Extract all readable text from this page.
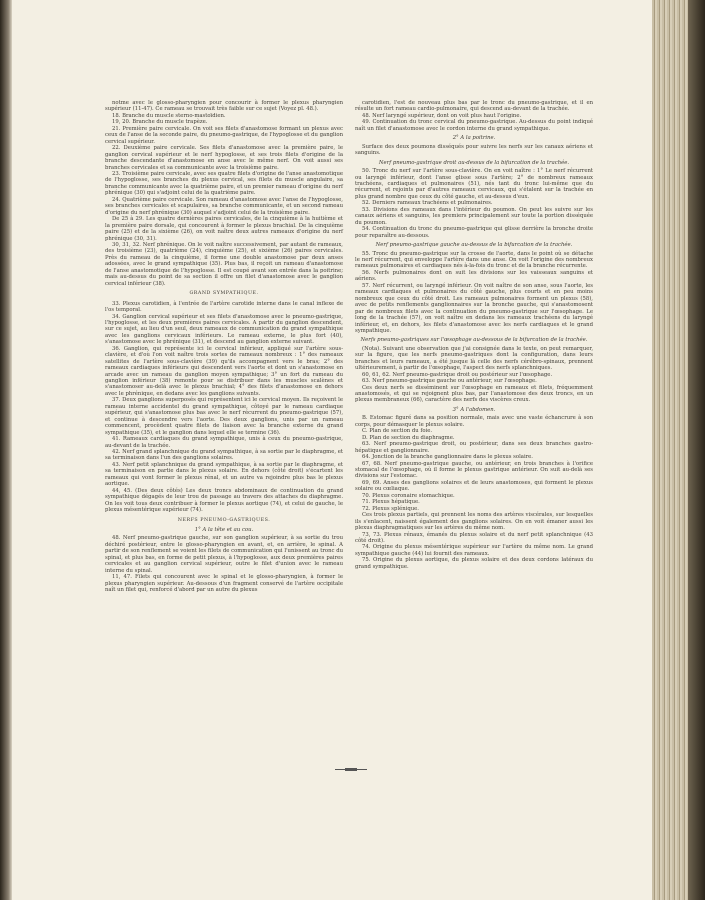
notme avec le glosso-pharyngien pour concourir à former le plexus pharyngien supérieur (11-47). Ce rameau se trouvait très faible sur ce sujet (Voyez pl. 48.).

18. Branche du muscle sterno-mastoïdien.

19, 20. Branche du muscle trapèze.

21. Première paire cervicale. On voit ses filets d'anastomose formant un plexus avec ceux de l'anse de la seconde paire, du pneumo-gastrique, de l'hypoglosse et du ganglion cervical supérieur.

22. Deuxième paire cervicale. Ses filets d'anastomose avec la première paire, le ganglion cervical supérieur et le nerf hypoglosse, et ses trois filets d'origine de la branche descendante d'anastomose en anse avec le même nerf. On voit aussi ses branches cervicales et sa communicante avec la troisième paire.

23. Troisième paire cervicale, avec ses quatre filets d'origine de l'anse anastomotique de l'hypoglosse, ses branches du plexus cervical, ses filets du muscle angulaire, sa branche communicante avec la quatrième paire, et un premier rameau d'origine du nerf phrénique (30) qui s'adjoint celui de la quatrième paire.

24. Quatrième paire cervicale. Son rameau d'anastomose avec l'anse de l'hypoglosse, ses branches cervicales et scapulaires, sa branche communicante, et un second rameau d'origine du nerf phrénique (30) auquel s'adjoint celui de la troisième paire.

De 25 à 29. Les quatre dernières paires cervicales, de la cinquième à la huitième et la première paire dorsale, qui concourent à former le plexus brachial. De la cinquième paire (25) et de la sixième (26), on voit naître deux autres rameaux d'origine du nerf phrénique (30, 31).

30, 31, 32. Nerf phrénique. On le voit naître successivement, par autant de rameaux, des troisième (23), quatrième (24), cinquième (25), et sixième (26) paires cervicales. Près du rameau de la cinquième, il forme une double anastomose par deux anses adossées, avec le grand sympathique (35). Plus bas, il reçoit un rameau d'anastomose de l'anse anastomotique de l'hypoglosse. Il est coupé avant son entrée dans la poitrine; mais au-dessus du point de sa section il offre un filet d'anastomose avec le ganglion cervical inférieur (38).

GRAND SYMPATHIQUE.

33. Plexus carotidien, à l'entrée de l'artère carotide interne dans le canal inflexe de l'os temporal.

34. Ganglion cervical supérieur et ses filets d'anastomose avec le pneumo-gastrique, l'hypoglosse, et les deux premières paires cervicales. A partir du ganglion descendent, sur ce sujet, au lieu d'un seul, deux rameaux de communication du grand sympathique avec les ganglions cervicaux inférieurs. Le rameau externe, le plus fort (40), s'anastomose avec le phrénique (31), et descend au ganglion externe suivant.

36. Ganglion, qui représente ici le cervical inférieur, appliqué sur l'artère sous-clavière, et d'où l'on voit naître trois sortes de rameaux nombreux : 1° des rameaux satellites de l'artère sous-clavière (39) qu'ils accompagnent vers le bras; 2° des rameaux cardiaques inférieurs qui descendent vers l'aorte et dont un s'anastomose en arcade avec un rameau du ganglion moyen sympathique; 3° un fort du rameau du ganglion inférieur (38) remonte pour se distribuer dans les muscles scalènes et s'anastomoser au-delà avec le plexus brachial; 4° des filets d'anastomose en dehors avec le phrénique, en dedans avec les ganglions suivants.

37. Deux ganglions superposés qui représentent ici le cervical moyen. Ils reçoivent le rameau interne accidentel du grand sympathique, côtoyé par le rameau cardiaque supérieur, qui s'anastomose plus bas avec le nerf récurrent du pneumo-gastrique (57), et continue à descendre vers l'aorte. Des deux ganglions, unis par un rameau commencent, procèdent quatre filets de liaison avec la branche externe du grand sympathique (35), et le ganglion dans lequel elle se termine (36).

41. Rameaux cardiaques du grand sympathique, unis à ceux du pneumo-gastrique, au-devant de la trachée.

42. Nerf grand splanchnique du grand sympathique, à sa sortie par le diaphragme, et sa terminaison dans l'un des ganglions solaires.

43. Nerf petit splanchnique du grand sympathique, à sa sortie par le diaphragme, et sa terminaison en partie dans le plexus solaire. En dehors (côté droit) s'écartent les rameaux qui vont former le plexus rénal, et un autre va rejoindre plus bas le plexus aortique.

44, 45. (Des deux côtés) Les deux troncs abdominaux de continuation du grand sympathique dégagés de leur trou de passage au travers des attaches du diaphragme. On les voit tous deux contribuer à former le plexus aortique (74), et celui de gauche, le plexus mésentérique supérieur (74).

NERFS PNEUMO-GASTRIQUES.

1° A la tête et au cou.

48. Nerf pneumo-gastrique gauche, sur son ganglion supérieur, à sa sortie du trou déchiré postérieur, entre le glosso-pharyngien en avant, et, en arrière, le spinal. A partir de son renflement se voient les filets de communication qui l'unissent au tronc du spinal, et plus bas, en forme de petit plexus, à l'hypoglosse, aux deux premières paires cervicales et au ganglion cervical supérieur, outre le filet d'union avec le rameau interne du spinal.

11, 47. Filets qui concourent avec le spinal et le glosso-pharyngien, à former le plexus pharyngien supérieur. Au-dessous d'un fragment conservé de l'artère occipitale naît un filet qui, renforcé d'abord par un autre du plexus

carotidien, l'est de nouveau plus bas par le tronc du pneumo-gastrique, et il en résulte un fort rameau cardio-pulmonaire, qui descend au-devant de la trachée.

48. Nerf laryngé supérieur, dont on voit plus haut l'origine.

49. Continuation du tronc cervical du pneumo-gastrique. Au-dessus du point indiqué naît un filet d'anastomose avec le cordon interne du grand sympathique.

2° A la poitrine.

Surface des deux poumons disséqués pour suivre les nerfs sur les canaux aériens et sanguins.

Nerf pneumo-gastrique droit au-dessus de la bifurcation de la trachée.

50. Tronc du nerf sur l'artère sous-clavière. On en voit naître : 1° Le nerf récurrent ou laryngé inférieur, dont l'anse glisse sous l'artère; 2° de nombreux rameaux trachéens, cardiaques et pulmonaires (51), nés tant du tronc lui-même que du récurrent, et rejoints par d'autres rameaux cervicaux, qui s'étalent sur la trachée en plus grand nombre que ceux du côté gauche, et au-dessus d'eux.

52. Derniers rameaux trachéens et pulmonaires.

53. Divisions des rameaux dans l'intérieur du poumon. On peut les suivre sur les canaux aériens et sanguins, les premiers principalement sur toute la portion disséquée du poumon.

54. Continuation du tronc du pneumo-gastrique qui glisse derrière la bronche droite pour reparaître au-dessous.

Nerf pneumo-gastrique gauche au-dessus de la bifurcation de la trachée.

55. Tronc du pneumo-gastrique sur la crosse de l'aorte, dans le point où se détache le nerf récurrent, qui enveloppe l'artère dans une anse. On voit l'origine des nombreux rameaux pulmonaires et cardiaques nés à-la-fois du tronc et de la branche récurrente.

56. Nerfs pulmonaires dont on suit les divisions sur les vaisseaux sanguins et aériens.

57. Nerf récurrent, ou laryngé inférieur. On voit naître de son anse, sous l'aorte, les rameaux cardiaques et pulmonaires du côté gauche, plus courts et en peu moins nombreux que ceux du côté droit. Les rameaux pulmonaires forment un plexus (58), avec de petits renflements ganglionnaires sur la bronche gauche, qui s'anastomosent par de nombreux filets avec la continuation du pneumo-gastrique sur l'œsophage. Le long de la trachée (57), on voit naître en dedans les rameaux trachéens du laryngé inférieur, et, en dehors, les filets d'anastomose avec les nerfs cardiaques et le grand sympathique.

Nerfs pneumo-gastriques sur l'œsophage au-dessous de la bifurcation de la trachée.

(Nota). Suivant une observation que j'ai consignée dans le texte, on peut remarquer, sur la figure, que les nerfs pneumo-gastriques dont la configuration, dans leurs branches et leurs rameaux, a été jusque là celle des nerfs cérébro-spinaux, prennent ultérieurement, à partir de l'œsophage, l'aspect des nerfs splanchniques.

60, 61, 62. Nerf pneumo-gastrique droit ou postérieur sur l'œsophage.

63. Nerf pneumo-gastrique gauche ou antérieur, sur l'œsophage.

Ces deux nerfs se disséminent sur l'œsophage en rameaux et filets, fréquemment anastomosés, et qui se rejoignent plus bas, par l'anastomose des deux troncs, en un plexus membraneux (66), caractère des nerfs des viscères creux.

3° A l'abdomen.

B. Estomac figuré dans sa position normale, mais avec une vaste échancrure à son corps, pour démasquer le plexus solaire.

C. Plan de section du foie.

D. Plan de section du diaphragme.

63. Nerf pneumo-gastrique droit, ou postérieur, dans ses deux branches gastro-hépatique et ganglionnaire.

64. Jonction de la branche ganglionnaire dans le plexus solaire.

67, 68. Nerf pneumo-gastrique gauche, ou antérieur, en trois branches à l'orifice stomacal de l'œsophage, où il forme le plexus gastrique antérieur. On suit au-delà ses divisions sur l'estomac.

69, 69. Anses des ganglions solaires et de leurs anastomoses, qui forment le plexus solaire ou cœliaque.

70. Plexus coronaire stomachique.

71. Plexus hépatique.

72. Plexus splénique.

Ces trois plexus partiels, qui prennent les noms des artères viscérales, sur lesquelles ils s'enlacent, naissent également des ganglions solaires. On en voit émaner aussi les plexus diaphragmatiques sur les artères du même nom.

73, 73. Plexus rénaux, émanés du plexus solaire et du nerf petit splanchnique (43 côté droit).

74. Origine du plexus mésentérique supérieur sur l'artère du même nom. Le grand sympathique gauche (44) lui fournit des rameaux.

75. Origine du plexus aortique, du plexus solaire et des deux cordons latéraux du grand sympathique.
